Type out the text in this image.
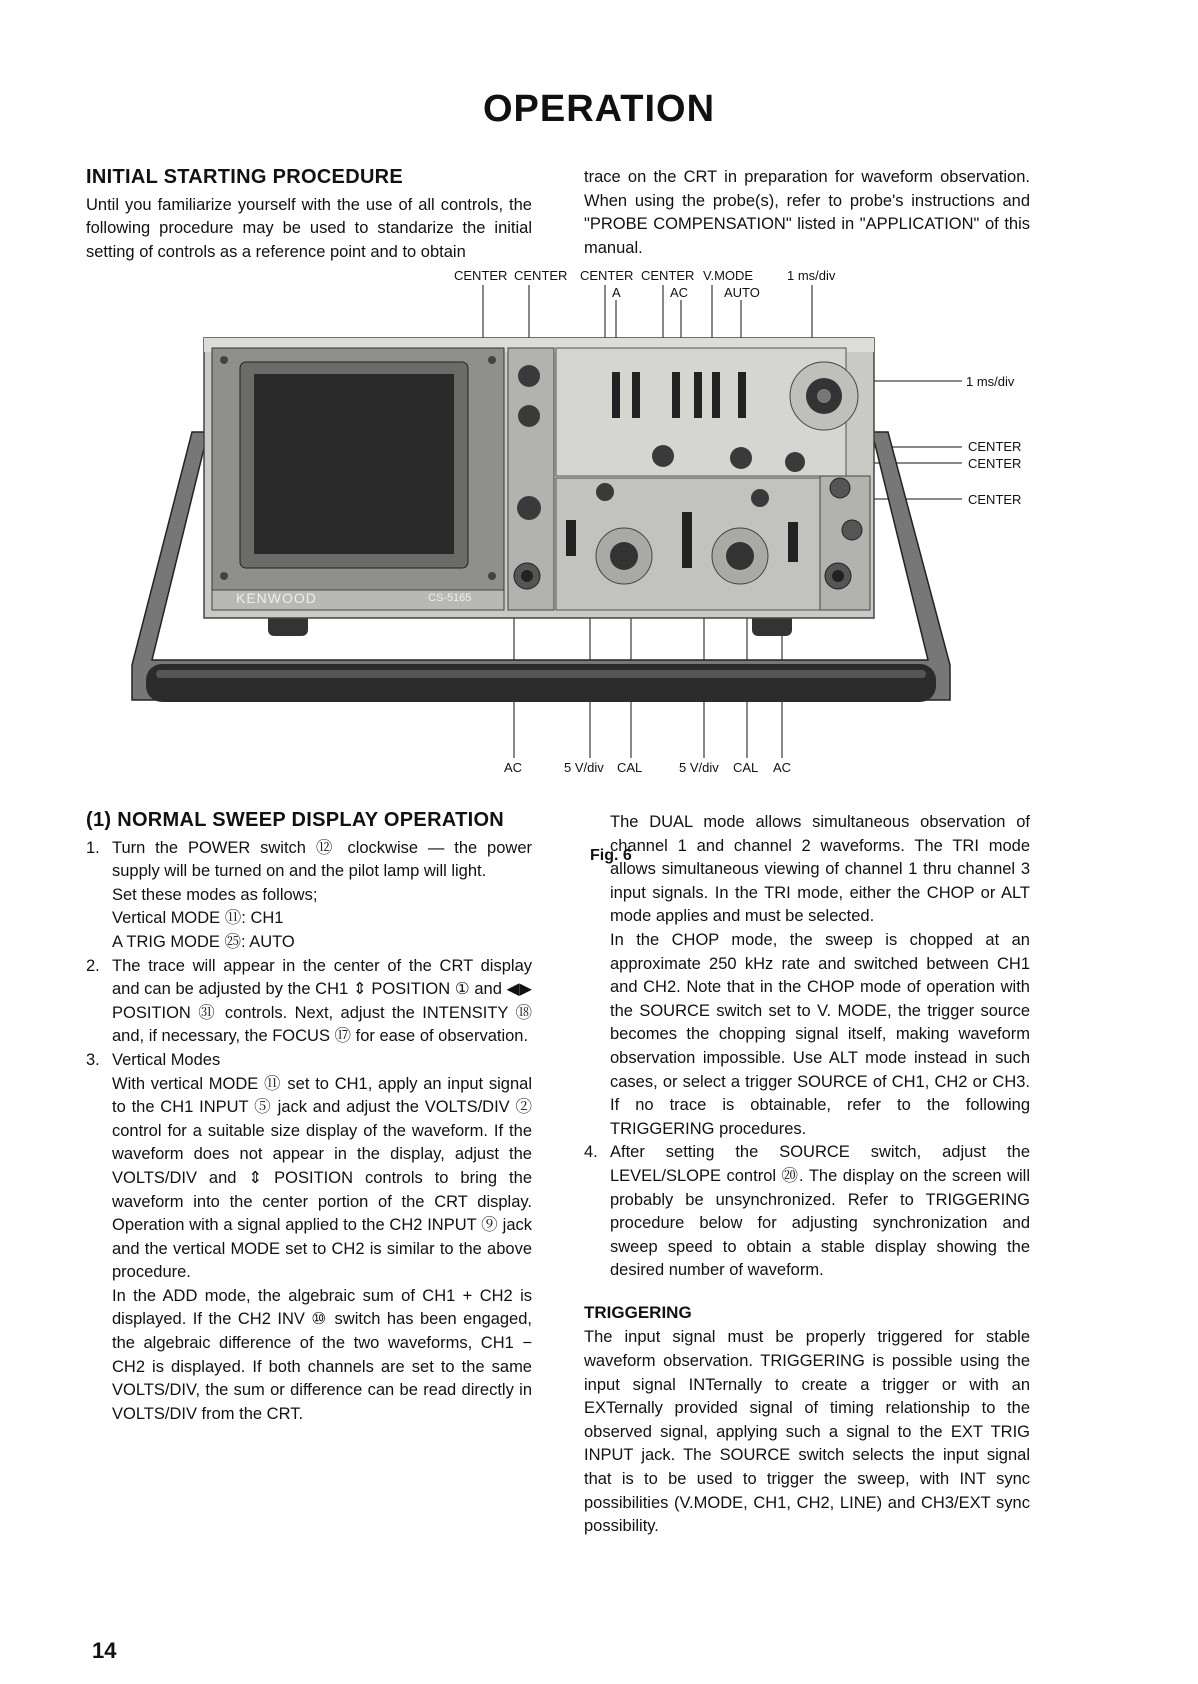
OPERATION
INITIAL STARTING PROCEDURE

Until you familiarize yourself with the use of all controls, the following procedure may be used to standarize the initial setting of controls as a reference point and to obtain

trace on the CRT in preparation for waveform observation. When using the probe(s), refer to probe's instructions and "PROBE COMPENSATION" listed in "APPLICATION" of this manual.

CENTER CENTER CENTER CENTER V.MODE	1 ms/div
A	AC	AUTO
1 ms/div
CENTER
CENTER
CENTER
AC	5 V/div CAL	5 V/div CAL AC
KENWOOD	CS-5165
Fig. 6
(1) NORMAL SWEEP DISPLAY OPERATION
1. Turn the POWER switch ⑫ clockwise — the power supply will be turned on and the pilot lamp will light.

Set these modes as follows;

Vertical MODE ⑪: CH1

A TRIG MODE ㉕: AUTO

2. The trace will appear in the center of the CRT display and can be adjusted by the CH1 ⇕ POSITION ① and ◀▶ POSITION ㉛ controls. Next, adjust the INTENSITY ⑱ and, if necessary, the FOCUS ⑰ for ease of observation.

3. Vertical Modes

With vertical MODE ⑪ set to CH1, apply an input signal to the CH1 INPUT ⑤ jack and adjust the VOLTS/DIV ② control for a suitable size display of the waveform. If the waveform does not appear in the display, adjust the VOLTS/DIV and ⇕ POSITION controls to bring the waveform into the center portion of the CRT display. Operation with a signal applied to the CH2 INPUT ⑨ jack and the vertical MODE set to CH2 is similar to the above procedure.

In the ADD mode, the algebraic sum of CH1 + CH2 is displayed. If the CH2 INV ⑩ switch has been engaged, the algebraic difference of the two waveforms, CH1 − CH2 is displayed. If both channels are set to the same VOLTS/DIV, the sum or difference can be read directly in VOLTS/DIV from the CRT.

The DUAL mode allows simultaneous observation of channel 1 and channel 2 waveforms. The TRI mode allows simultaneous viewing of channel 1 thru channel 3 input signals. In the TRI mode, either the CHOP or ALT mode applies and must be selected.

In the CHOP mode, the sweep is chopped at an approximate 250 kHz rate and switched between CH1 and CH2. Note that in the CHOP mode of operation with the SOURCE switch set to V. MODE, the trigger source becomes the chopping signal itself, making waveform observation impossible. Use ALT mode instead in such cases, or select a trigger SOURCE of CH1, CH2 or CH3. If no trace is obtainable, refer to the following TRIGGERING procedures.

4. After setting the SOURCE switch, adjust the LEVEL/SLOPE control ⑳. The display on the screen will probably be unsynchronized. Refer to TRIGGERING procedure below for adjusting synchronization and sweep speed to obtain a stable display showing the desired number of waveform.

TRIGGERING

The input signal must be properly triggered for stable waveform observation. TRIGGERING is possible using the input signal INTernally to create a trigger or with an EXTernally provided signal of timing relationship to the observed signal, applying such a signal to the EXT TRIG INPUT jack. The SOURCE switch selects the input signal that is to be used to trigger the sweep, with INT sync possibilities (V.MODE, CH1, CH2, LINE) and CH3/EXT sync possibility.

14
